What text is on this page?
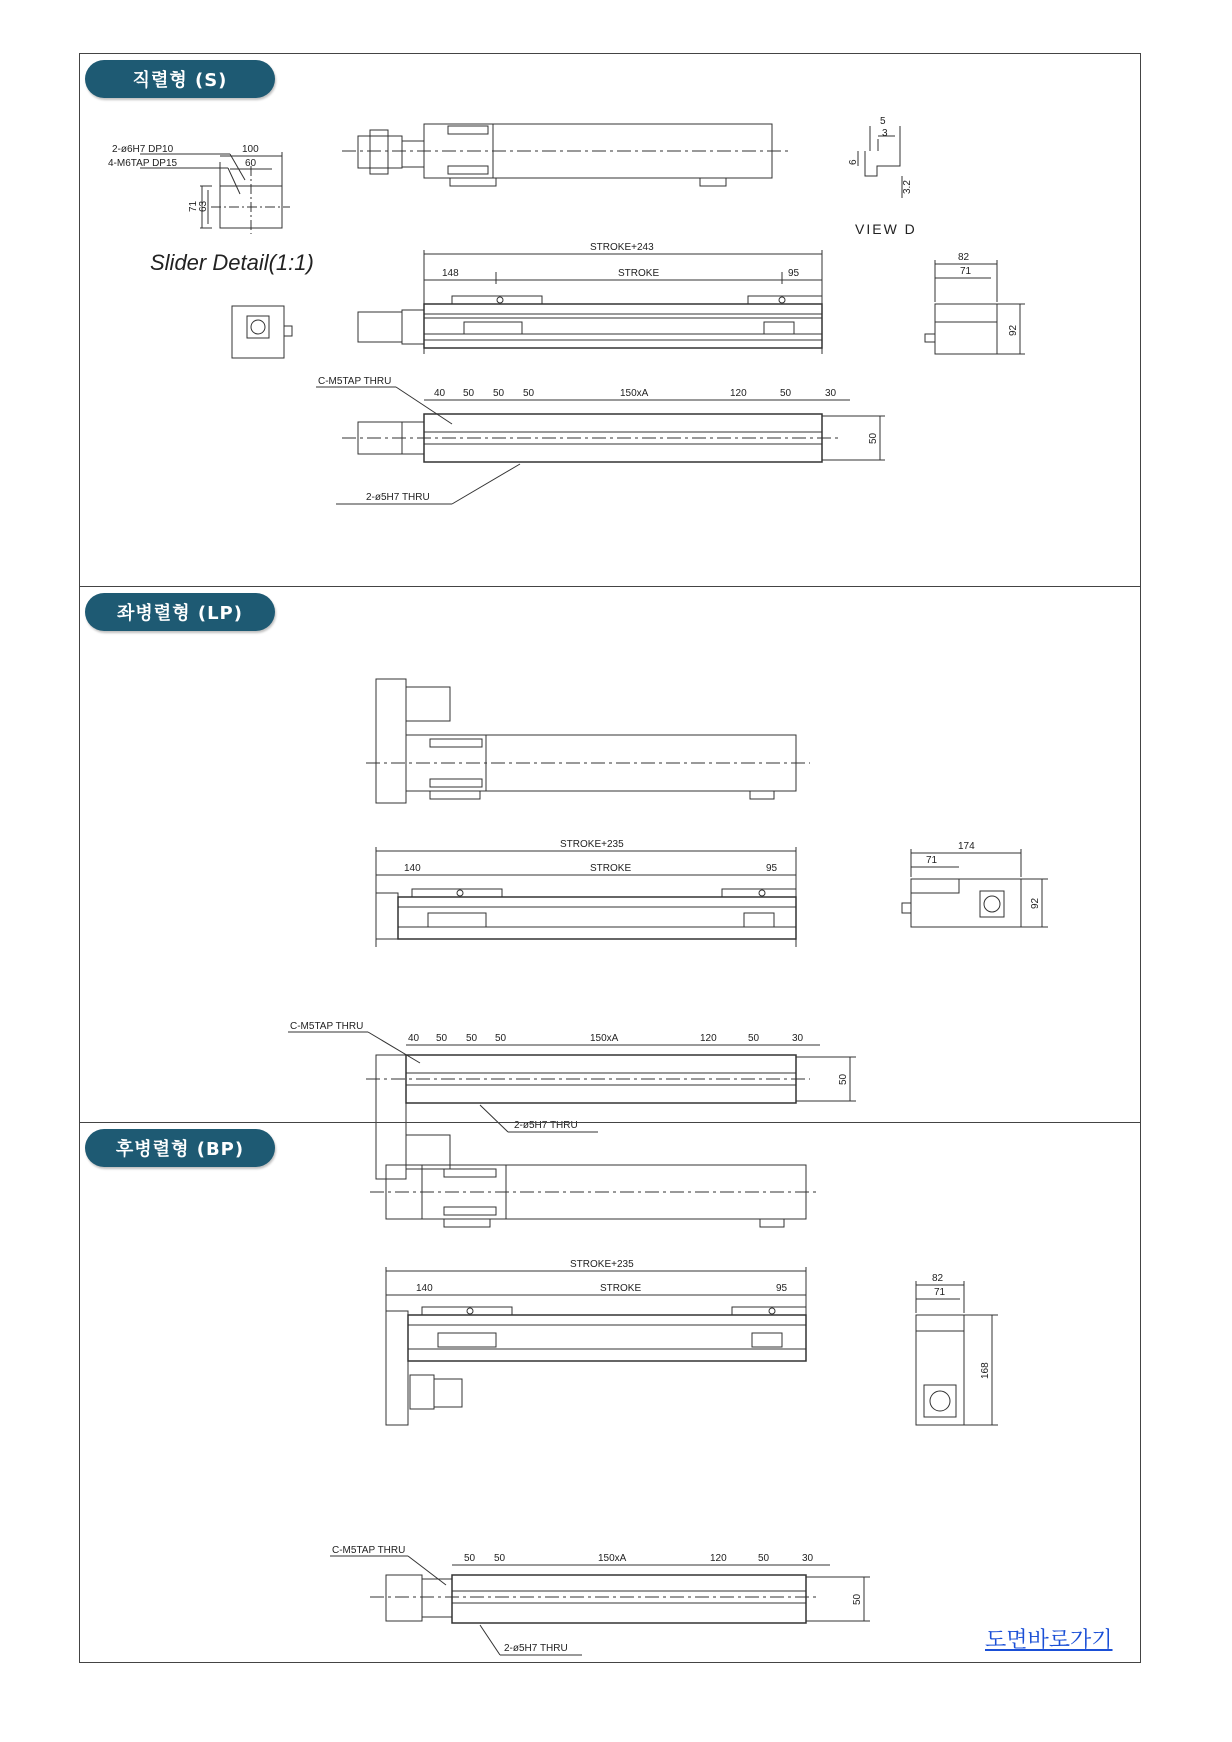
직렬형 (S)
2-ø6H7 DP10
4-M6TAP DP15
100
60
71 63
Slider Detail(1:1)
5
3
6
3.2
VIEW D
STROKE+243
148	STROKE	95
82
71
92
C-M5TAP THRU
50
40 50 50 50	150xA	120	50	30
2-ø5H7 THRU
좌병렬형 (LP)
STROKE+235
140	STROKE	95
174
71
92
C-M5TAP THRU
50
40 50 50 50	150xA	120	50	30
2-ø5H7 THRU
후병렬형 (BP)
STROKE+235
140	STROKE	95
82
71
168
C-M5TAP THRU
50
50 50	150xA	120	50	30
2-ø5H7 THRU	도면바로가기
